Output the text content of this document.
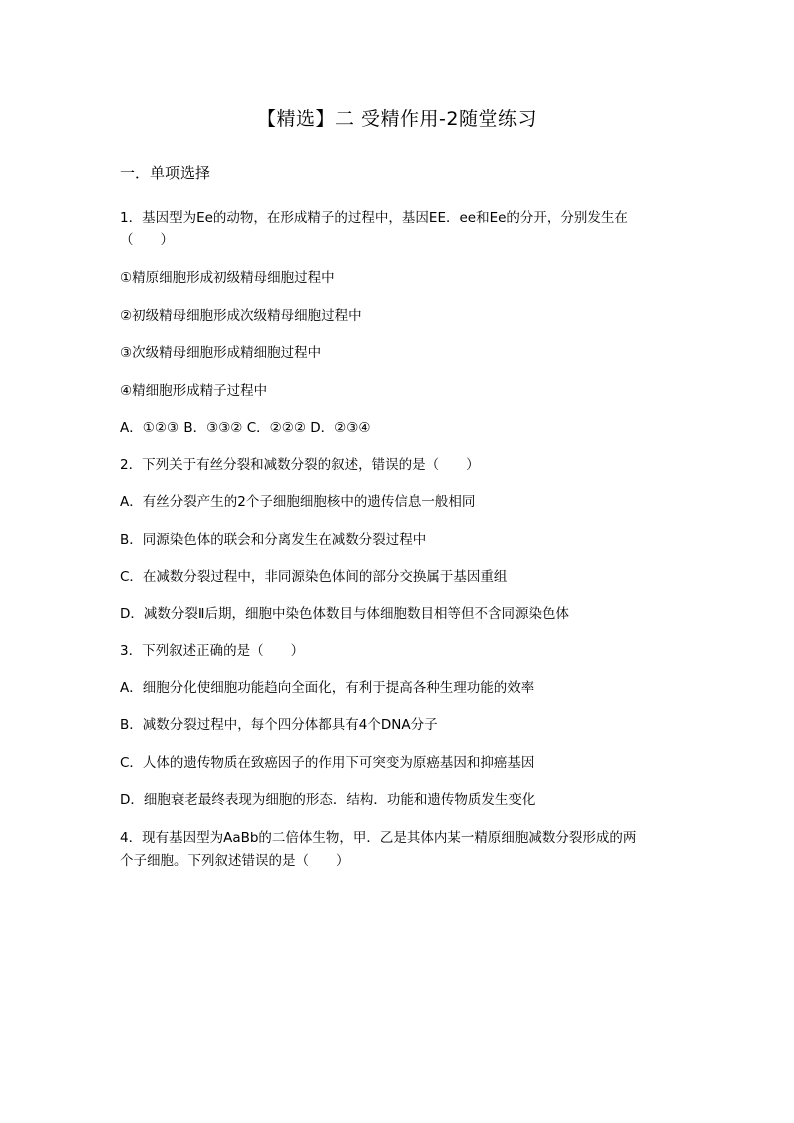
【精选】二 受精作用-2随堂练习
一．单项选择
1．基因型为Ee的动物，在形成精子的过程中，基因EE．ee和Ee的分开，分别发生在
（　　）
①精原细胞形成初级精母细胞过程中
②初级精母细胞形成次级精母细胞过程中
③次级精母细胞形成精细胞过程中
④精细胞形成精子过程中
A．①②③ B．③③② C．②②② D．②③④
2．下列关于有丝分裂和减数分裂的叙述，错误的是（　　）
A．有丝分裂产生的2个子细胞细胞核中的遗传信息一般相同
B．同源染色体的联会和分离发生在减数分裂过程中
C．在减数分裂过程中，非同源染色体间的部分交换属于基因重组
D．减数分裂Ⅱ后期，细胞中染色体数目与体细胞数目相等但不含同源染色体
3．下列叙述正确的是（　　）
A．细胞分化使细胞功能趋向全面化，有利于提高各种生理功能的效率
B．减数分裂过程中，每个四分体都具有4个DNA分子
C．人体的遗传物质在致癌因子的作用下可突变为原癌基因和抑癌基因
D．细胞衰老最终表现为细胞的形态．结构．功能和遗传物质发生变化
4．现有基因型为AaBb的二倍体生物，甲．乙是其体内某一精原细胞减数分裂形成的两
个子细胞。下列叙述错误的是（　　）
